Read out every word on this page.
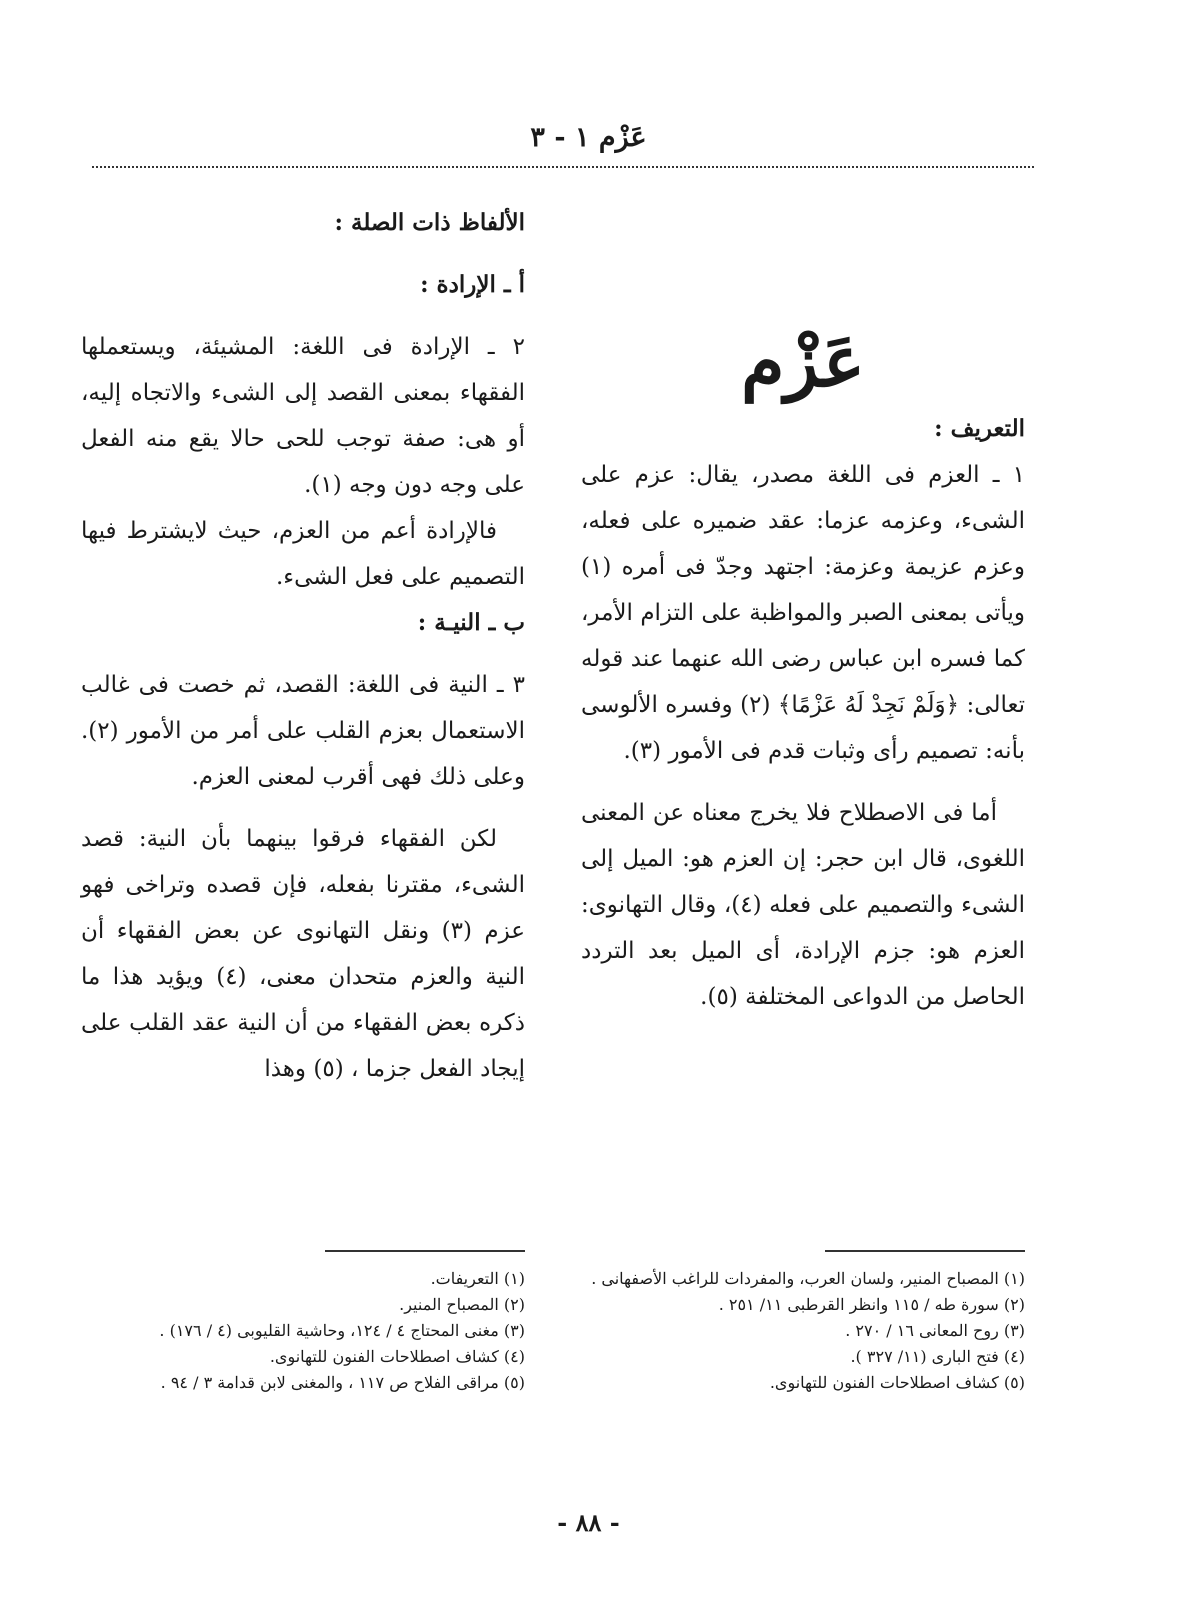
عَزْم ١ - ٣
عَزْم

التعريف :

١ ـ العزم فى اللغة مصدر، يقال: عزم على الشىء، وعزمه عزما: عقد ضميره على فعله، وعزم عزيمة وعزمة: اجتهد وجدّ فى أمره (١) ويأتى بمعنى الصبر والمواظبة على التزام الأمر، كما فسره ابن عباس رضى الله عنهما عند قوله تعالى: ﴿وَلَمْ نَجِدْ لَهُ عَزْمًا﴾ (٢) وفسره الألوسى بأنه: تصميم رأى وثبات قدم فى الأمور (٣).

أما فى الاصطلاح فلا يخرج معناه عن المعنى اللغوى، قال ابن حجر: إن العزم هو: الميل إلى الشىء والتصميم على فعله (٤)، وقال التهانوى: العزم هو: جزم الإرادة، أى الميل بعد التردد الحاصل من الدواعى المختلفة (٥).

الألفاظ ذات الصلة :

أ ـ الإرادة :

٢ ـ الإرادة فى اللغة: المشيئة، ويستعملها الفقهاء بمعنى القصد إلى الشىء والاتجاه إليه، أو هى: صفة توجب للحى حالا يقع منه الفعل على وجه دون وجه (١).

فالإرادة أعم من العزم، حيث لايشترط فيها التصميم على فعل الشىء.

ب ـ النيـة :

٣ ـ النية فى اللغة: القصد، ثم خصت فى غالب الاستعمال بعزم القلب على أمر من الأمور (٢). وعلى ذلك فهى أقرب لمعنى العزم.

لكن الفقهاء فرقوا بينهما بأن النية: قصد الشىء، مقترنا بفعله، فإن قصده وتراخى فهو عزم (٣) ونقل التهانوى عن بعض الفقهاء أن النية والعزم متحدان معنى، (٤) ويؤيد هذا ما ذكره بعض الفقهاء من أن النية عقد القلب على إيجاد الفعل جزما ، (٥) وهذا

(١) المصباح المنير، ولسان العرب، والمفردات للراغب الأصفهانى .

(٢) سورة طه / ١١٥ وانظر القرطبى ١١/ ٢٥١ .

(٣) روح المعانى ١٦ / ٢٧٠ .

(٤) فتح البارى (١١/ ٣٢٧ ).

(٥) كشاف اصطلاحات الفنون للتهانوى.

(١) التعريفات.

(٢) المصباح المنير.

(٣) مغنى المحتاج ٤ / ١٢٤، وحاشية القليوبى (٤ / ١٧٦) .

(٤) كشاف اصطلاحات الفنون للتهانوى.

(٥) مراقى الفلاح ص ١١٧ ، والمغنى لابن قدامة ٣ / ٩٤ .

- ٨٨ -
